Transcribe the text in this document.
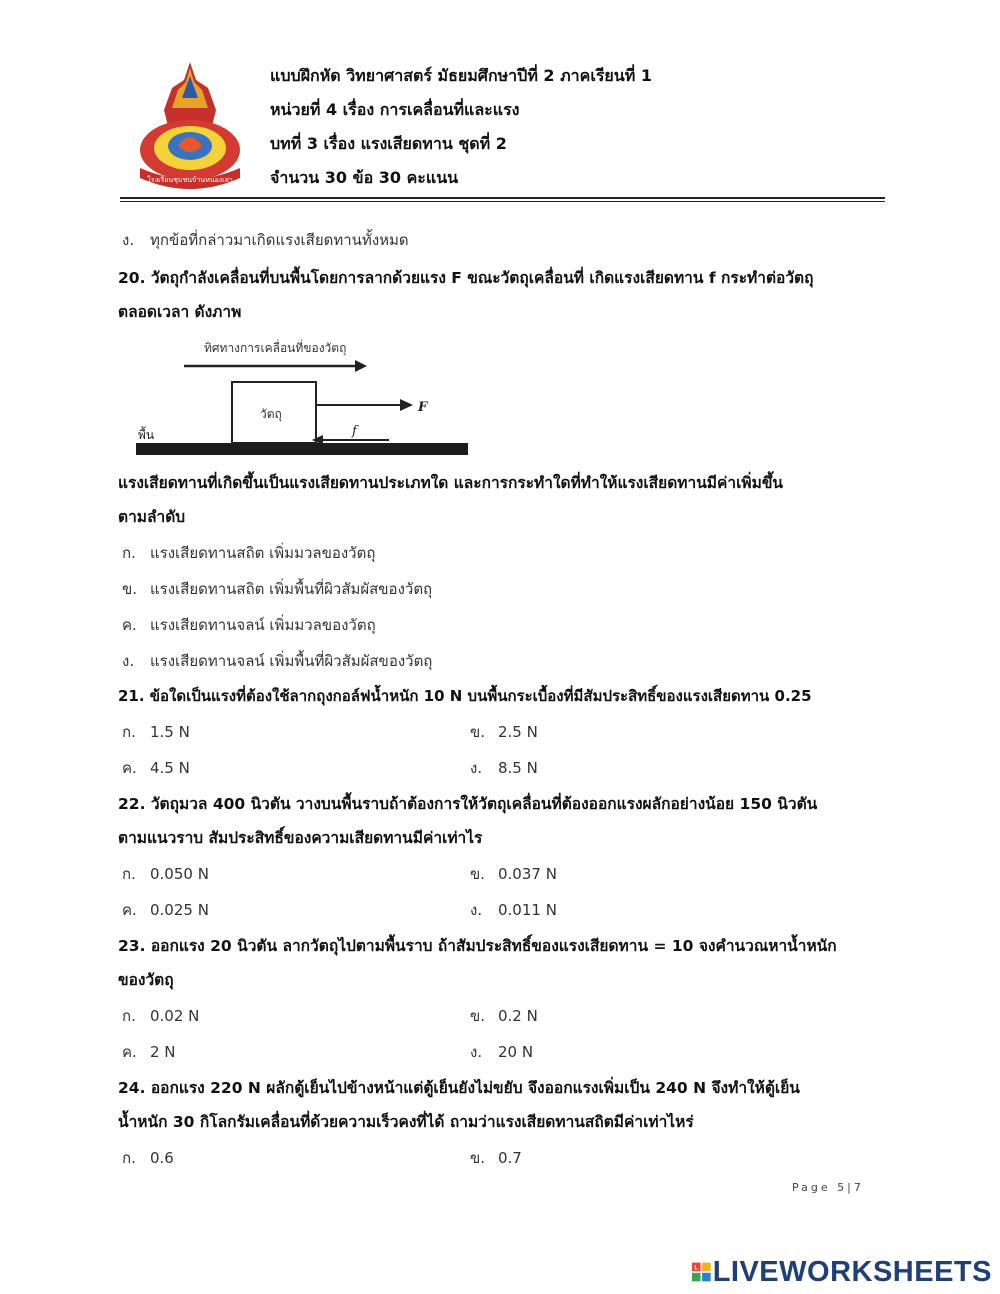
โรงเรียนชุมชนบ้านหนองเสา
แบบฝึกหัด วิทยาศาสตร์ มัธยมศึกษาปีที่ 2 ภาคเรียนที่ 1
หน่วยที่ 4 เรื่อง การเคลื่อนที่และแรง
บทที่ 3 เรื่อง แรงเสียดทาน ชุดที่ 2
จำนวน 30 ข้อ 30 คะแนน
ง. ทุกข้อที่กล่าวมาเกิดแรงเสียดทานทั้งหมด
20. วัตถุกำลังเคลื่อนที่บนพื้นโดยการลากด้วยแรง F ขณะวัตถุเคลื่อนที่ เกิดแรงเสียดทาน f กระทำต่อวัตถุ
ตลอดเวลา ดังภาพ
ทิศทางการเคลื่อนที่ของวัตถุ
วัตถุ	F
f
พื้น
แรงเสียดทานที่เกิดขึ้นเป็นแรงเสียดทานประเภทใด และการกระทำใดที่ทำให้แรงเสียดทานมีค่าเพิ่มขึ้น
ตามลำดับ
ก. แรงเสียดทานสถิต เพิ่มมวลของวัตถุ
ข. แรงเสียดทานสถิต เพิ่มพื้นที่ผิวสัมผัสของวัตถุ
ค. แรงเสียดทานจลน์ เพิ่มมวลของวัตถุ
ง. แรงเสียดทานจลน์ เพิ่มพื้นที่ผิวสัมผัสของวัตถุ
21. ข้อใดเป็นแรงที่ต้องใช้ลากถุงกอล์ฟน้ำหนัก 10 N บนพื้นกระเบื้องที่มีสัมประสิทธิ์ของแรงเสียดทาน 0.25
ก. 1.5 N	ข. 2.5 N
ค. 4.5 N	ง. 8.5 N
22. วัตถุมวล 400 นิวตัน วางบนพื้นราบถ้าต้องการให้วัตถุเคลื่อนที่ต้องออกแรงผลักอย่างน้อย 150 นิวตัน
ตามแนวราบ สัมประสิทธิ์ของความเสียดทานมีค่าเท่าไร
ก. 0.050 N	ข. 0.037 N
ค. 0.025 N	ง. 0.011 N
23. ออกแรง 20 นิวตัน ลากวัตถุไปตามพื้นราบ ถ้าสัมประสิทธิ์ของแรงเสียดทาน = 10 จงคำนวณหาน้ำหนัก
ของวัตถุ
ก. 0.02 N	ข. 0.2 N
ค. 2 N	ง. 20 N
24. ออกแรง 220 N ผลักตู้เย็นไปข้างหน้าแต่ตู้เย็นยังไม่ขยับ จึงออกแรงเพิ่มเป็น 240 N จึงทำให้ตู้เย็น
น้ำหนัก 30 กิโลกรัมเคลื่อนที่ด้วยความเร็วคงที่ได้ ถามว่าแรงเสียดทานสถิตมีค่าเท่าไหร่
ก. 0.6	ข. 0.7
Page 5|7
L LIVEWORKSHEETS
